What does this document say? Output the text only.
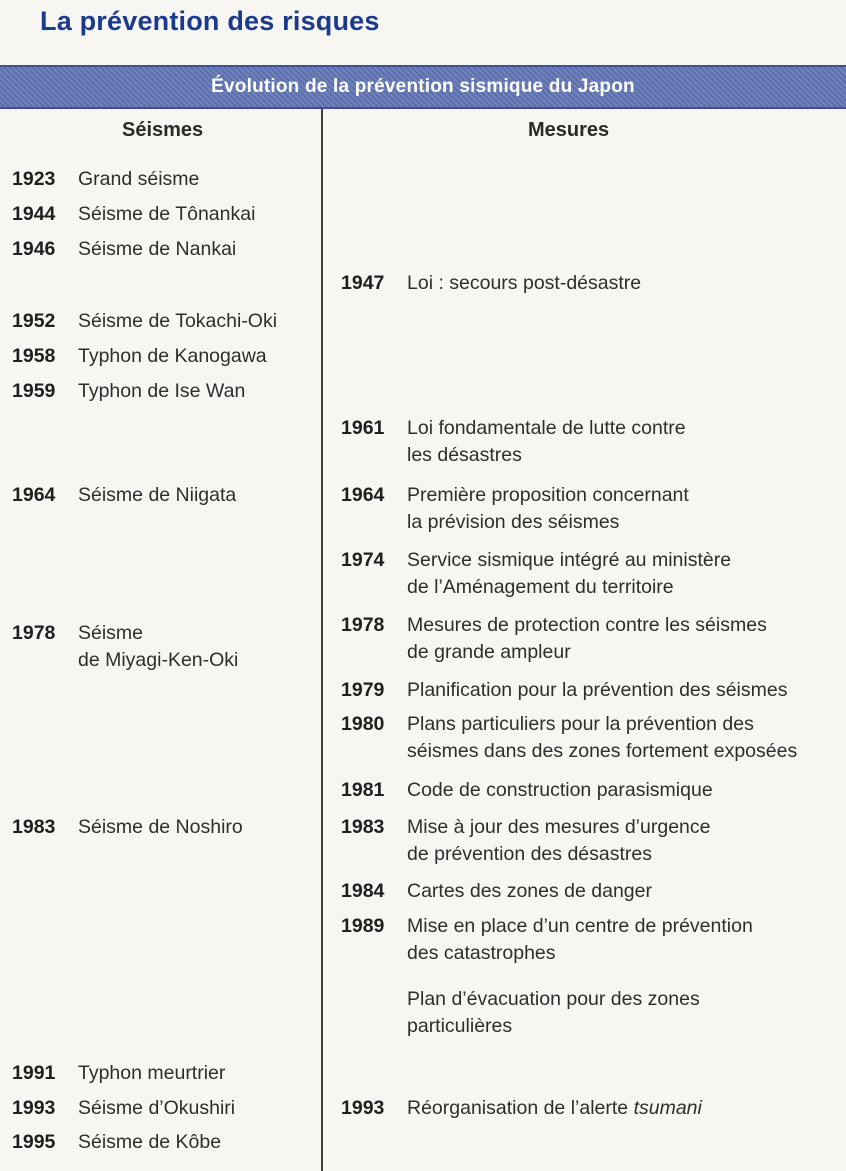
La prévention des risques
Évolution de la prévention sismique du Japon
Séismes	Mesures
1923 Grand séisme
1944 Séisme de Tônankai
1946 Séisme de Nankai
1952 Séisme de Tokachi-Oki
1958 Typhon de Kanogawa
1959 Typhon de Ise Wan
1964 Séisme de Niigata
1978 Séisme
de Miyagi-Ken-Oki
1983 Séisme de Noshiro
1991 Typhon meurtrier
1993 Séisme d’Okushiri
1995 Séisme de Kôbe
1947 Loi : secours post-désastre
1961 Loi fondamentale de lutte contre
les désastres
1964 Première proposition concernant
la prévision des séismes
1974 Service sismique intégré au ministère
de l’Aménagement du territoire
1978 Mesures de protection contre les séismes
de grande ampleur
1979 Planification pour la prévention des séismes
1980 Plans particuliers pour la prévention des
séismes dans des zones fortement exposées
1981 Code de construction parasismique
1983 Mise à jour des mesures d’urgence
de prévention des désastres
1984 Cartes des zones de danger
1989 Mise en place d’un centre de prévention
des catastrophes
Plan d’évacuation pour des zones
particulières
1993 Réorganisation de l’alerte tsumani
